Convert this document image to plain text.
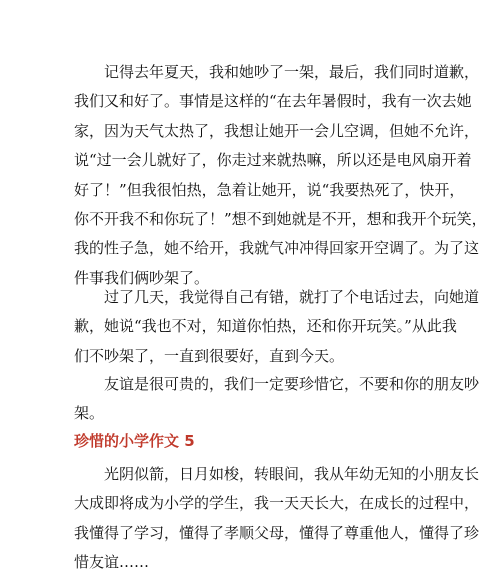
　　记得去年夏天，我和她吵了一架，最后，我们同时道歉，
我们又和好了。事情是这样的“在去年暑假时，我有一次去她
家，因为天气太热了，我想让她开一会儿空调，但她不允许，
说“过一会儿就好了，你走过来就热嘛，所以还是电风扇开着
好了！”但我很怕热，急着让她开，说“我要热死了，快开，
你不开我不和你玩了！”想不到她就是不开，想和我开个玩笑，
我的性子急，她不给开，我就气冲冲得回家开空调了。为了这
件事我们俩吵架了。
　　过了几天，我觉得自己有错，就打了个电话过去，向她道
歉，她说“我也不对，知道你怕热，还和你开玩笑。”从此我
们不吵架了，一直到很要好，直到今天。
　　友谊是很可贵的，我们一定要珍惜它，不要和你的朋友吵
架。
珍惜的小学作文 5
　　光阴似箭，日月如梭，转眼间，我从年幼无知的小朋友长
大成即将成为小学的学生，我一天天长大，在成长的过程中，
我懂得了学习，懂得了孝顺父母，懂得了尊重他人，懂得了珍
惜友谊……
